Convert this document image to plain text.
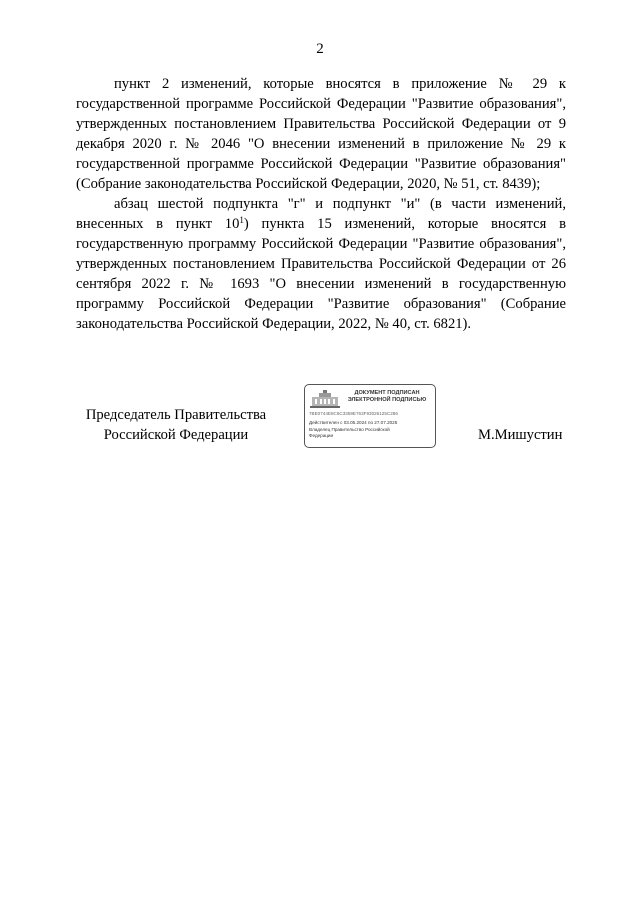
2

пункт 2 изменений, которые вносятся в приложение № 29 к государственной программе Российской Федерации "Развитие образования", утвержденных постановлением Правительства Российской Федерации от 9 декабря 2020 г. № 2046 "О внесении изменений в приложение № 29 к государственной программе Российской Федерации "Развитие образования" (Собрание законодательства Российской Федерации, 2020, № 51, ст. 8439);

абзац шестой подпункта "г" и подпункт "и" (в части изменений, внесенных в пункт $10^1$) пункта 15 изменений, которые вносятся в государственную программу Российской Федерации "Развитие образования", утвержденных постановлением Правительства Российской Федерации от 26 сентября 2022 г. № 1693 "О внесении изменений в государственную программу Российской Федерации "Развитие образования" (Собрание законодательства Российской Федерации, 2022, № 40, ст. 6821).

Председатель Правительства
Российской Федерации
ДОКУМЕНТ ПОДПИСАН
ЭЛЕКТРОННОЙ ПОДПИСЬЮ
7BE0744E8C6C3359E763F93026125C286
Действителен с 03.05.2024 по 27.07.2025
Владелец Правительство Российской
Федерации	М.Мишустин
